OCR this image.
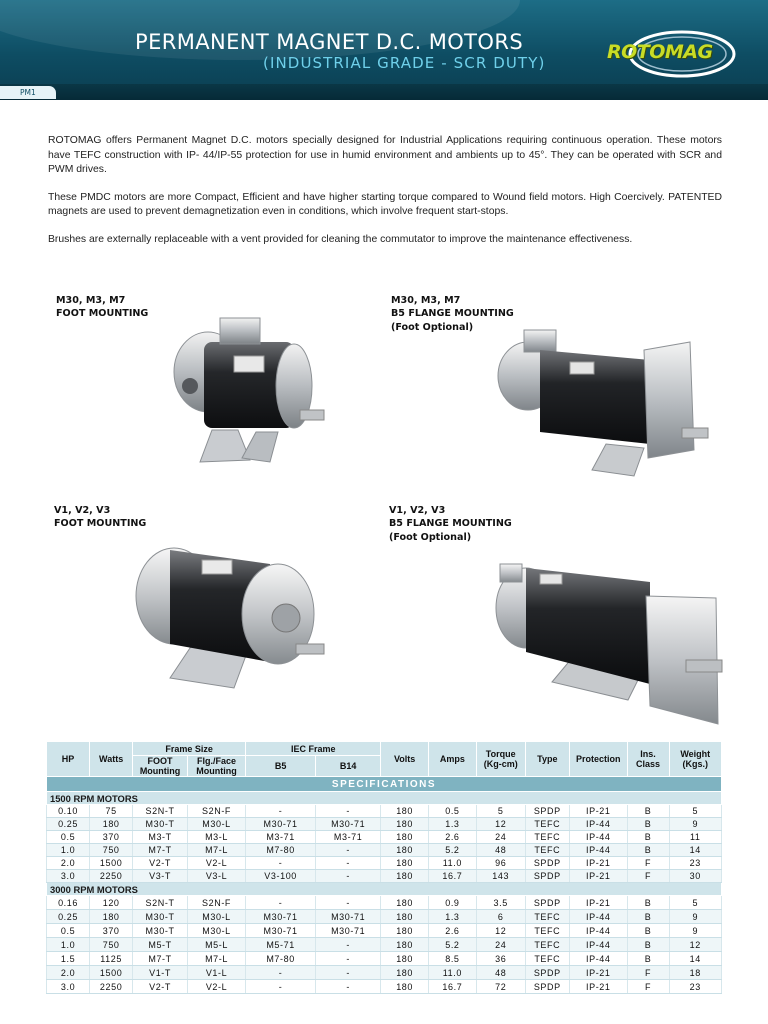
PERMANENT MAGNET D.C. MOTORS
(INDUSTRIAL GRADE - SCR DUTY)
PM1
ROTOMAG

ROTOMAG offers Permanent Magnet D.C. motors specially designed for Industrial Applications requiring continuous operation. These motors have TEFC construction with IP- 44/IP-55 protection for use in humid environment and ambients up to 45°. They can be operated with SCR and PWM drives.

These PMDC motors are more Compact, Efficient and have higher starting torque compared to Wound field motors. High Coercively. PATENTED magnets are used to prevent demagnetization even in conditions, which involve frequent start-stops.

Brushes are externally replaceable with a vent provided for cleaning the commutator to improve the maintenance effectiveness.

M30, M3, M7
FOOT MOUNTING
M30, M3, M7
B5 FLANGE MOUNTING
(Foot Optional)
V1, V2, V3
FOOT MOUNTING
V1, V2, V3
B5 FLANGE MOUNTING
(Foot Optional)
SPECIFICATIONS												
HP	Watts	Frame Size		IEC Frame		Volts	Amps	Torque (Kg-cm)	Type	Protection	Ins. Class	Weight (Kgs.)
		FOOT Mounting	Flg./Face Mounting									
				B5	B14							
1500 RPM MOTORS												
0.10	75	S2N-T	S2N-F	-	-	180	0.5	5	SPDP	IP-21	B	5
0.25	180	M30-T	M30-L	M30-71	M30-71	180	1.3	12	TEFC	IP-44	B	9
0.5	370	M3-T	M3-L	M3-71	M3-71	180	2.6	24	TEFC	IP-44	B	11
1.0	750	M7-T	M7-L	M7-80	-	180	5.2	48	TEFC	IP-44	B	14
2.0	1500	V2-T	V2-L	-	-	180	11.0	96	SPDP	IP-21	F	23
3.0	2250	V3-T	V3-L	V3-100	-	180	16.7	143	SPDP	IP-21	F	30
3000 RPM MOTORS												
0.16	120	S2N-T	S2N-F	-	-	180	0.9	3.5	SPDP	IP-21	B	5
0.25	180	M30-T	M30-L	M30-71	M30-71	180	1.3	6	TEFC	IP-44	B	9
0.5	370	M30-T	M30-L	M30-71	M30-71	180	2.6	12	TEFC	IP-44	B	9
1.0	750	M5-T	M5-L	M5-71	-	180	5.2	24	TEFC	IP-44	B	12
1.5	1125	M7-T	M7-L	M7-80	-	180	8.5	36	TEFC	IP-44	B	14
2.0	1500	V1-T	V1-L	-	-	180	11.0	48	SPDP	IP-21	F	18
3.0	2250	V2-T	V2-L	-	-	180	16.7	72	SPDP	IP-21	F	23
